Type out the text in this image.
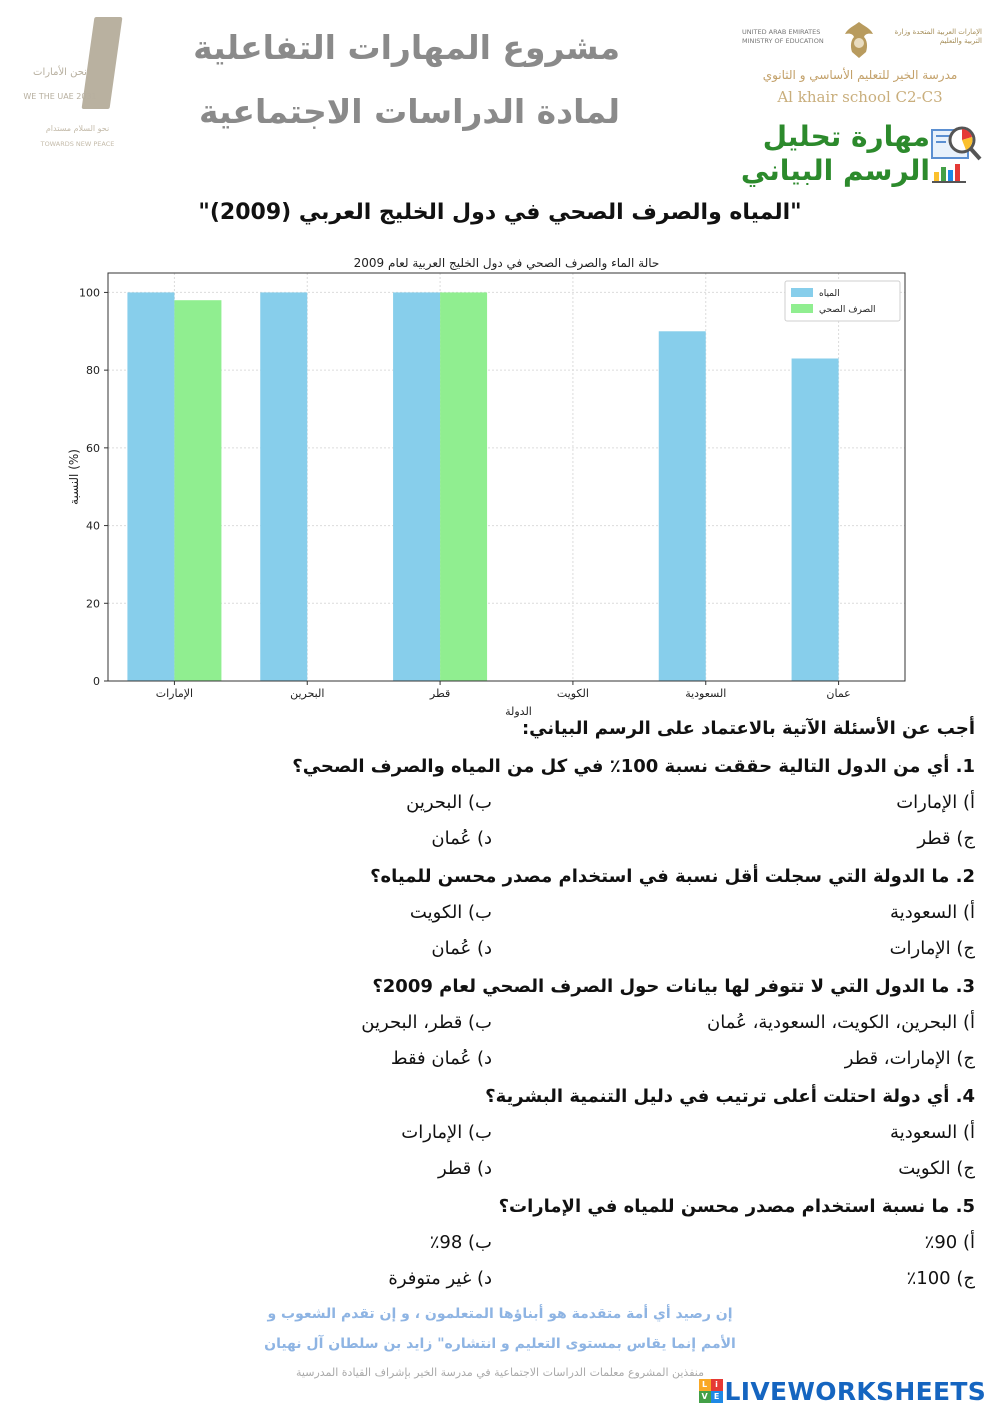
نحن الأمارات
WE THE UAE 2031
نحو السلام مستدام
TOWARDS NEW PEACE
مشروع المهارات التفاعلية
لمادة الدراسات الاجتماعية
UNITED ARAB EMIRATES MINISTRY OF EDUCATION
الإمارات العربية المتحدة وزارة التربية والتعليم
مدرسة الخير للتعليم الأساسي و الثانوي
Al khair school C2-C3
مهارة تحليل
الرسم البياني
"المياه والصرف الصحي في دول الخليج العربي (2009)"
0
20
40
60
80
100
الإمارات	البحرين	قطر	الكويت	السعودية	عمان
حالة الماء والصرف الصحي في دول الخليج العربية لعام 2009
الدولة
النسبة (%)
المياه
الصرف الصحي
أجب عن الأسئلة الآتية بالاعتماد على الرسم البياني:
1. أي من الدول التالية حققت نسبة 100٪ في كل من المياه والصرف الصحي؟
أ) الإمارات
ب) البحرين
ج) قطر
د) عُمان
2. ما الدولة التي سجلت أقل نسبة في استخدام مصدر محسن للمياه؟
أ) السعودية
ب) الكويت
ج) الإمارات
د) عُمان
3. ما الدول التي لا تتوفر لها بيانات حول الصرف الصحي لعام 2009؟
أ) البحرين، الكويت، السعودية، عُمان
ب) قطر، البحرين
ج) الإمارات، قطر
د) عُمان فقط
4. أي دولة احتلت أعلى ترتيب في دليل التنمية البشرية؟
أ) السعودية
ب) الإمارات
ج) الكويت
د) قطر
5. ما نسبة استخدام مصدر محسن للمياه في الإمارات؟
أ) 90٪
ب) 98٪
ج) 100٪
د) غير متوفرة
إن رصيد أي أمة متقدمة هو أبناؤها المتعلمون ، و إن تقدم الشعوب و
الأمم إنما يقاس بمستوى التعليم و انتشاره" زايد بن سلطان آل نهيان
منفذين المشروع معلمات الدراسات الاجتماعية في مدرسة الخير بإشراف القيادة المدرسية
L	i
V E LIVEWORKSHEETS
